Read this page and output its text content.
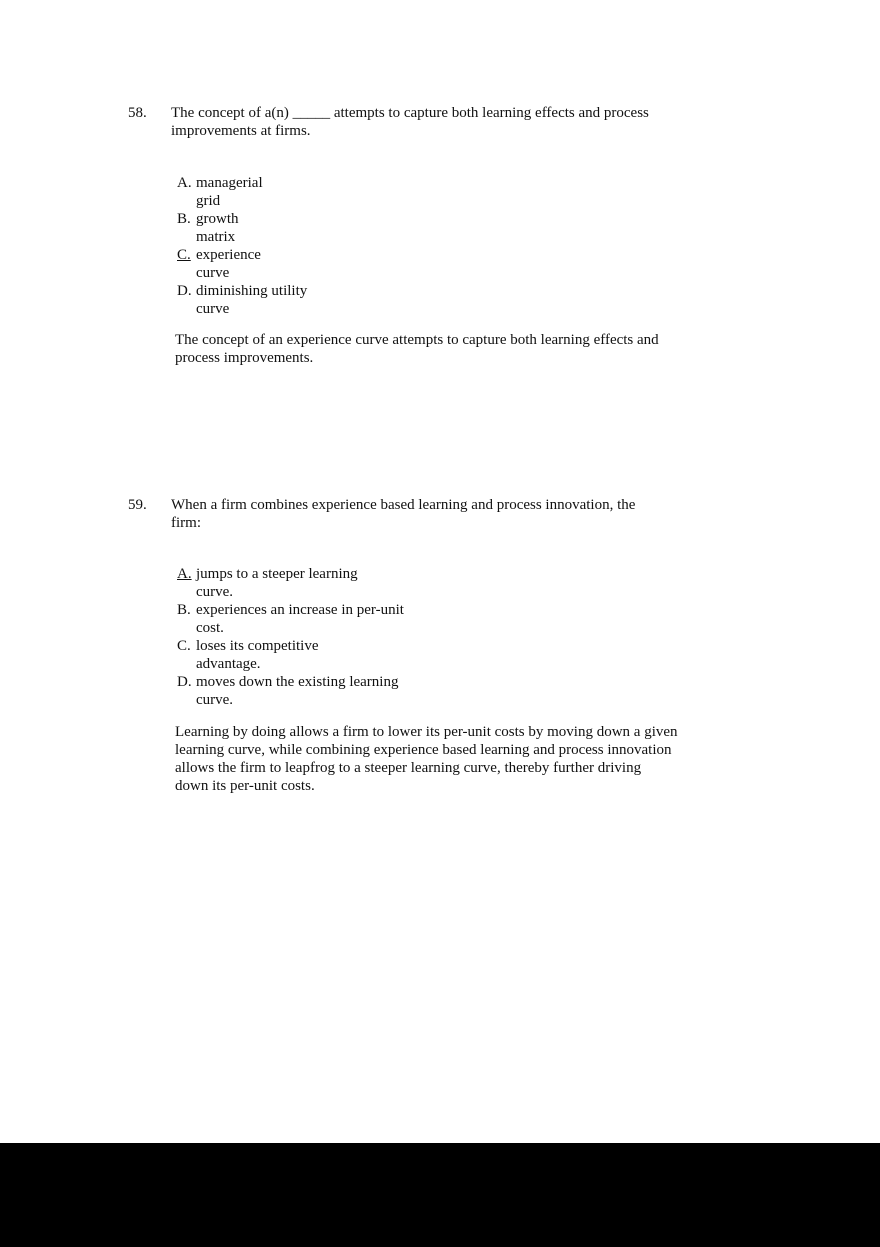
58.	The concept of a(n) _____ attempts to capture both learning effects and process
improvements at firms.
A. managerial
grid
B. growth
matrix
C. experience
curve
D. diminishing utility
curve
The concept of an experience curve attempts to capture both learning effects and
process improvements.
59.	When a firm combines experience based learning and process innovation, the
firm:
A. jumps to a steeper learning
curve.
B. experiences an increase in per-unit
cost.
C. loses its competitive
advantage.
D. moves down the existing learning
curve.
Learning by doing allows a firm to lower its per-unit costs by moving down a given
learning curve, while combining experience based learning and process innovation
allows the firm to leapfrog to a steeper learning curve, thereby further driving
down its per-unit costs.
